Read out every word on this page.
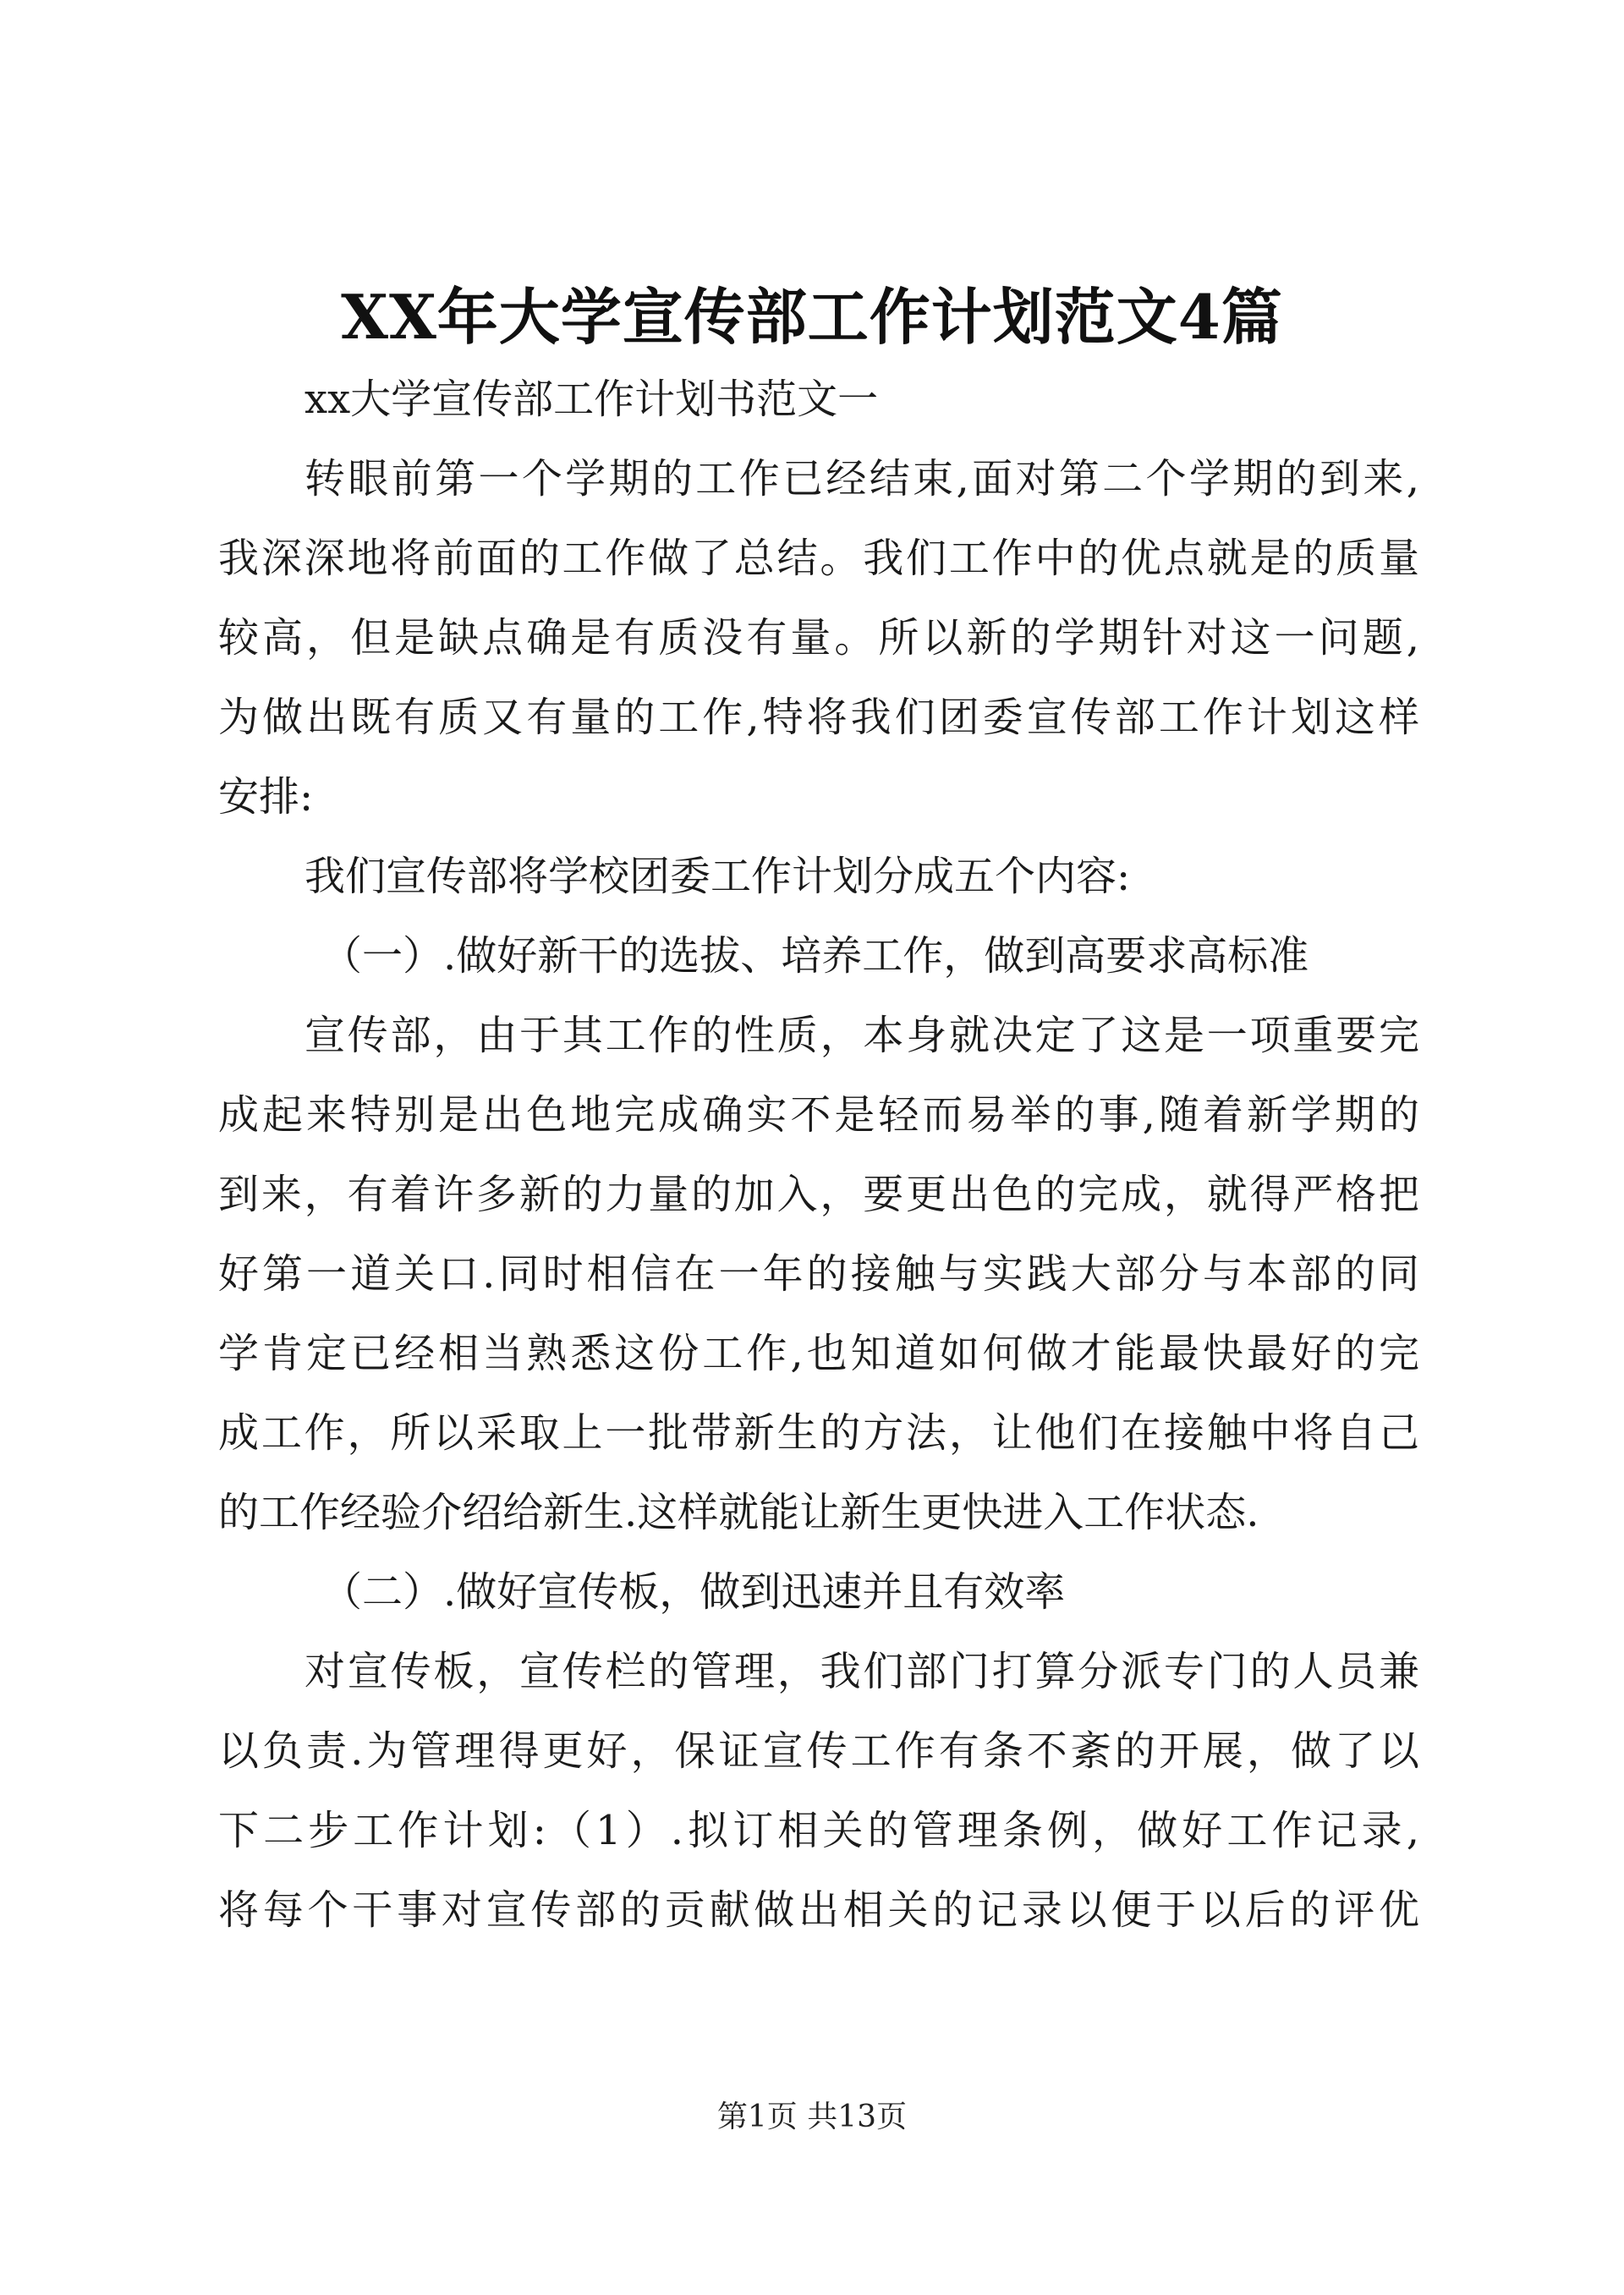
XX年大学宣传部工作计划范文4篇
xx大学宣传部工作计划书范文一
转眼前第一个学期的工作已经结束,面对第二个学期的到来,
我深深地将前面的工作做了总结。我们工作中的优点就是的质量
较高，但是缺点确是有质没有量。所以新的学期针对这一问题,
为做出既有质又有量的工作,特将我们团委宣传部工作计划这样
安排:
我们宣传部将学校团委工作计划分成五个内容:
（一）.做好新干的选拔、培养工作，做到高要求高标准
宣传部，由于其工作的性质，本身就决定了这是一项重要完
成起来特别是出色地完成确实不是轻而易举的事,随着新学期的
到来，有着许多新的力量的加入，要更出色的完成，就得严格把
好第一道关口.同时相信在一年的接触与实践大部分与本部的同
学肯定已经相当熟悉这份工作,也知道如何做才能最快最好的完
成工作，所以采取上一批带新生的方法，让他们在接触中将自己
的工作经验介绍给新生.这样就能让新生更快进入工作状态.
（二）.做好宣传板，做到迅速并且有效率
对宣传板，宣传栏的管理，我们部门打算分派专门的人员兼
以负责.为管理得更好，保证宣传工作有条不紊的开展，做了以
下二步工作计划:（1）.拟订相关的管理条例，做好工作记录,
将每个干事对宣传部的贡献做出相关的记录以便于以后的评优
第1页 共13页
